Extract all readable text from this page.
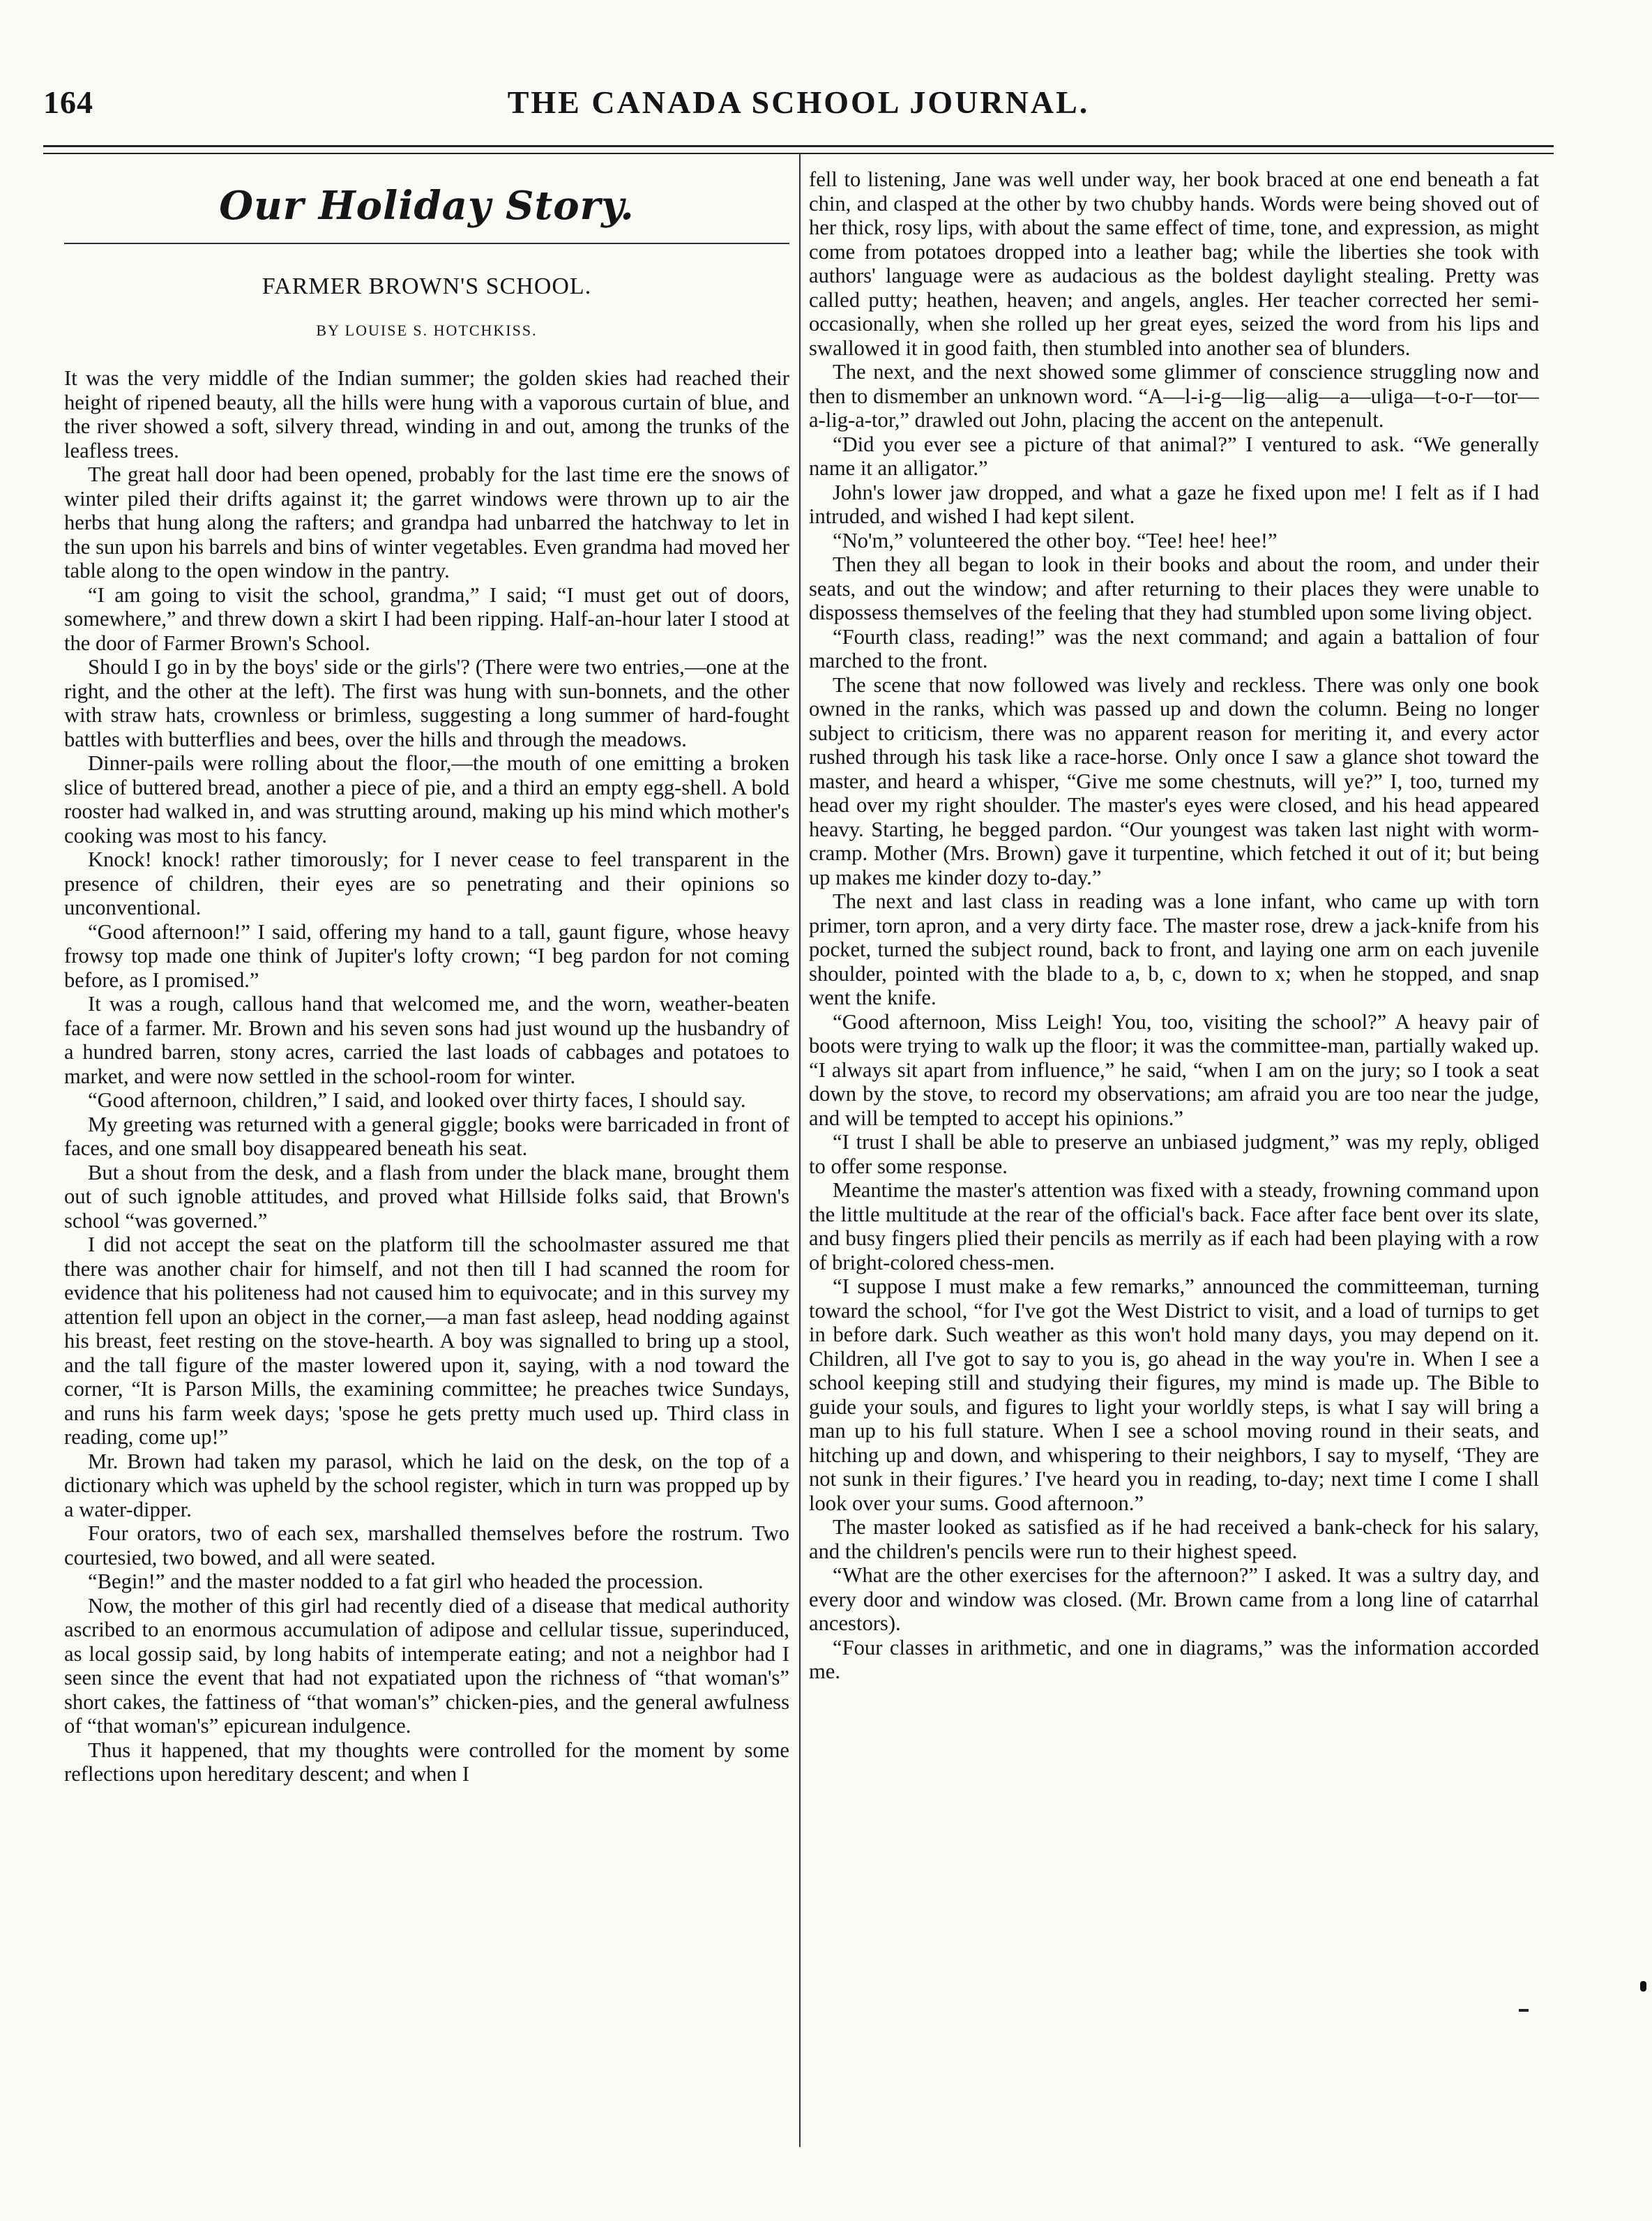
164	THE CANADA SCHOOL JOURNAL.
Our Holiday Story.
FARMER BROWN'S SCHOOL.
BY LOUISE S. HOTCHKISS.

It was the very middle of the Indian summer; the golden skies had reached their height of ripened beauty, all the hills were hung with a vaporous curtain of blue, and the river showed a soft, silvery thread, winding in and out, among the trunks of the leafless trees.

The great hall door had been opened, probably for the last time ere the snows of winter piled their drifts against it; the garret windows were thrown up to air the herbs that hung along the rafters; and grandpa had unbarred the hatchway to let in the sun upon his barrels and bins of winter vegetables. Even grandma had moved her table along to the open window in the pantry.

“I am going to visit the school, grandma,” I said; “I must get out of doors, somewhere,” and threw down a skirt I had been ripping. Half-an-hour later I stood at the door of Farmer Brown's School.

Should I go in by the boys' side or the girls'? (There were two entries,—one at the right, and the other at the left). The first was hung with sun-bonnets, and the other with straw hats, crownless or brimless, suggesting a long summer of hard-fought battles with butterflies and bees, over the hills and through the meadows.

Dinner-pails were rolling about the floor,—the mouth of one emitting a broken slice of buttered bread, another a piece of pie, and a third an empty egg-shell. A bold rooster had walked in, and was strutting around, making up his mind which mother's cooking was most to his fancy.

Knock! knock! rather timorously; for I never cease to feel transparent in the presence of children, their eyes are so penetrating and their opinions so unconventional.

“Good afternoon!” I said, offering my hand to a tall, gaunt figure, whose heavy frowsy top made one think of Jupiter's lofty crown; “I beg pardon for not coming before, as I promised.”

It was a rough, callous hand that welcomed me, and the worn, weather-beaten face of a farmer. Mr. Brown and his seven sons had just wound up the husbandry of a hundred barren, stony acres, carried the last loads of cabbages and potatoes to market, and were now settled in the school-room for winter.

“Good afternoon, children,” I said, and looked over thirty faces, I should say.

My greeting was returned with a general giggle; books were barricaded in front of faces, and one small boy disappeared beneath his seat.

But a shout from the desk, and a flash from under the black mane, brought them out of such ignoble attitudes, and proved what Hillside folks said, that Brown's school “was governed.”

I did not accept the seat on the platform till the schoolmaster assured me that there was another chair for himself, and not then till I had scanned the room for evidence that his politeness had not caused him to equivocate; and in this survey my attention fell upon an object in the corner,—a man fast asleep, head nodding against his breast, feet resting on the stove-hearth. A boy was signalled to bring up a stool, and the tall figure of the master lowered upon it, saying, with a nod toward the corner, “It is Parson Mills, the examining committee; he preaches twice Sundays, and runs his farm week days; 'spose he gets pretty much used up. Third class in reading, come up!”

Mr. Brown had taken my parasol, which he laid on the desk, on the top of a dictionary which was upheld by the school register, which in turn was propped up by a water-dipper.

Four orators, two of each sex, marshalled themselves before the rostrum. Two courtesied, two bowed, and all were seated.

“Begin!” and the master nodded to a fat girl who headed the procession.

Now, the mother of this girl had recently died of a disease that medical authority ascribed to an enormous accumulation of adipose and cellular tissue, superinduced, as local gossip said, by long habits of intemperate eating; and not a neighbor had I seen since the event that had not expatiated upon the richness of “that woman's” short cakes, the fattiness of “that woman's” chicken-pies, and the general awfulness of “that woman's” epicurean indulgence.

Thus it happened, that my thoughts were controlled for the moment by some reflections upon hereditary descent; and when I

fell to listening, Jane was well under way, her book braced at one end beneath a fat chin, and clasped at the other by two chubby hands. Words were being shoved out of her thick, rosy lips, with about the same effect of time, tone, and expression, as might come from potatoes dropped into a leather bag; while the liberties she took with authors' language were as audacious as the boldest daylight stealing. Pretty was called putty; heathen, heaven; and angels, angles. Her teacher corrected her semi-occasionally, when she rolled up her great eyes, seized the word from his lips and swallowed it in good faith, then stumbled into another sea of blunders.

The next, and the next showed some glimmer of conscience struggling now and then to dismember an unknown word. “A—l-i-g—lig—alig—a—uliga—t-o-r—tor—a-lig-a-tor,” drawled out John, placing the accent on the antepenult.

“Did you ever see a picture of that animal?” I ventured to ask. “We generally name it an alligator.”

John's lower jaw dropped, and what a gaze he fixed upon me! I felt as if I had intruded, and wished I had kept silent.

“No'm,” volunteered the other boy. “Tee! hee! hee!”

Then they all began to look in their books and about the room, and under their seats, and out the window; and after returning to their places they were unable to dispossess themselves of the feeling that they had stumbled upon some living object.

“Fourth class, reading!” was the next command; and again a battalion of four marched to the front.

The scene that now followed was lively and reckless. There was only one book owned in the ranks, which was passed up and down the column. Being no longer subject to criticism, there was no apparent reason for meriting it, and every actor rushed through his task like a race-horse. Only once I saw a glance shot toward the master, and heard a whisper, “Give me some chestnuts, will ye?” I, too, turned my head over my right shoulder. The master's eyes were closed, and his head appeared heavy. Starting, he begged pardon. “Our youngest was taken last night with worm-cramp. Mother (Mrs. Brown) gave it turpentine, which fetched it out of it; but being up makes me kinder dozy to-day.”

The next and last class in reading was a lone infant, who came up with torn primer, torn apron, and a very dirty face. The master rose, drew a jack-knife from his pocket, turned the subject round, back to front, and laying one arm on each juvenile shoulder, pointed with the blade to a, b, c, down to x; when he stopped, and snap went the knife.

“Good afternoon, Miss Leigh! You, too, visiting the school?” A heavy pair of boots were trying to walk up the floor; it was the committee-man, partially waked up. “I always sit apart from influence,” he said, “when I am on the jury; so I took a seat down by the stove, to record my observations; am afraid you are too near the judge, and will be tempted to accept his opinions.”

“I trust I shall be able to preserve an unbiased judgment,” was my reply, obliged to offer some response.

Meantime the master's attention was fixed with a steady, frowning command upon the little multitude at the rear of the official's back. Face after face bent over its slate, and busy fingers plied their pencils as merrily as if each had been playing with a row of bright-colored chess-men.

“I suppose I must make a few remarks,” announced the committeeman, turning toward the school, “for I've got the West District to visit, and a load of turnips to get in before dark. Such weather as this won't hold many days, you may depend on it. Children, all I've got to say to you is, go ahead in the way you're in. When I see a school keeping still and studying their figures, my mind is made up. The Bible to guide your souls, and figures to light your worldly steps, is what I say will bring a man up to his full stature. When I see a school moving round in their seats, and hitching up and down, and whispering to their neighbors, I say to myself, ‘They are not sunk in their figures.’ I've heard you in reading, to-day; next time I come I shall look over your sums. Good afternoon.”

The master looked as satisfied as if he had received a bank-check for his salary, and the children's pencils were run to their highest speed.

“What are the other exercises for the afternoon?” I asked. It was a sultry day, and every door and window was closed. (Mr. Brown came from a long line of catarrhal ancestors).

“Four classes in arithmetic, and one in diagrams,” was the information accorded me.
